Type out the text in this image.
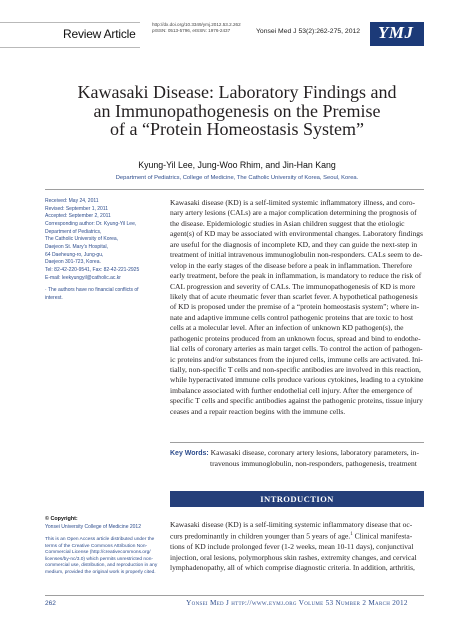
Review Article
http://dx.doi.org/10.3349/ymj.2012.53.2.262
pISSN: 0513-5796, eISSN: 1976-2437	Yonsei Med J 53(2):262-275, 2012 YMJ
Kawasaki Disease: Laboratory Findings and
an Immunopathogenesis on the Premise
of a “Protein Homeostasis System”
Kyung-Yil Lee, Jung-Woo Rhim, and Jin-Han Kang
Department of Pediatrics, College of Medicine, The Catholic University of Korea, Seoul, Korea.
Received: May 24, 2011
Revised: September 1, 2011
Accepted: September 2, 2011
Corresponding author: Dr. Kyung-Yil Lee,
Department of Pediatrics,
The Catholic University of Korea,
Daejeon St. Mary’s Hospital,
64 Daeheung-ro, Jung-gu,
Daejeon 301-723, Korea.
Tel: 82-42-220-9541, Fax: 82-42-221-2925
E-mail: leekyungyil@catholic.ac.kr
· The authors have no financial conflicts of
interest.
© Copyright:
Yonsei University College of Medicine 2012
This is an Open Access article distributed under the
terms of the Creative Commons Attribution Non-
Commercial License (http://creativecommons.org/
licenses/by-nc/3.0) which permits unrestricted non-
commercial use, distribution, and reproduction in any
medium, provided the original work is properly cited.
Kawasaki disease (KD) is a self-limited systemic inflammatory illness, and coro-
nary artery lesions (CALs) are a major complication determining the prognosis of
the disease. Epidemiologic studies in Asian children suggest that the etiologic
agent(s) of KD may be associated with environmental changes. Laboratory findings
are useful for the diagnosis of incomplete KD, and they can guide the next-step in
treatment of initial intravenous immunoglobulin non-responders. CALs seem to de-
velop in the early stages of the disease before a peak in inflammation. Therefore
early treatment, before the peak in inflammation, is mandatory to reduce the risk of
CAL progression and severity of CALs. The immunopathogenesis of KD is more
likely that of acute rheumatic fever than scarlet fever. A hypothetical pathogenesis
of KD is proposed under the premise of a “protein homeostasis system”; where in-
nate and adaptive immune cells control pathogenic proteins that are toxic to host
cells at a molecular level. After an infection of unknown KD pathogen(s), the
pathogenic proteins produced from an unknown focus, spread and bind to endothe-
lial cells of coronary arteries as main target cells. To control the action of pathogen-
ic proteins and/or substances from the injured cells, immune cells are activated. Ini-
tially, non-specific T cells and non-specific antibodies are involved in this reaction,
while hyperactivated immune cells produce various cytokines, leading to a cytokine
imbalance associated with further endothelial cell injury. After the emergence of
specific T cells and specific antibodies against the pathogenic proteins, tissue injury
ceases and a repair reaction begins with the immune cells.
Key Words: Kawasaki disease, coronary artery lesions, laboratory parameters, in-
travenous immunoglobulin, non-responders, pathogenesis, treatment
INTRODUCTION
Kawasaki disease (KD) is a self-limiting systemic inflammatory disease that oc-
curs predominantly in children younger than 5 years of age.$^1$ Clinical manifesta-
tions of KD include prolonged fever (1-2 weeks, mean 10-11 days), conjunctival
injection, oral lesions, polymorphous skin rashes, extremity changes, and cervical
lymphadenopathy, all of which comprise diagnostic criteria. In addition, arthritis,
262	Yonsei Med J http://www.eymj.org Volume 53 Number 2 March 2012
